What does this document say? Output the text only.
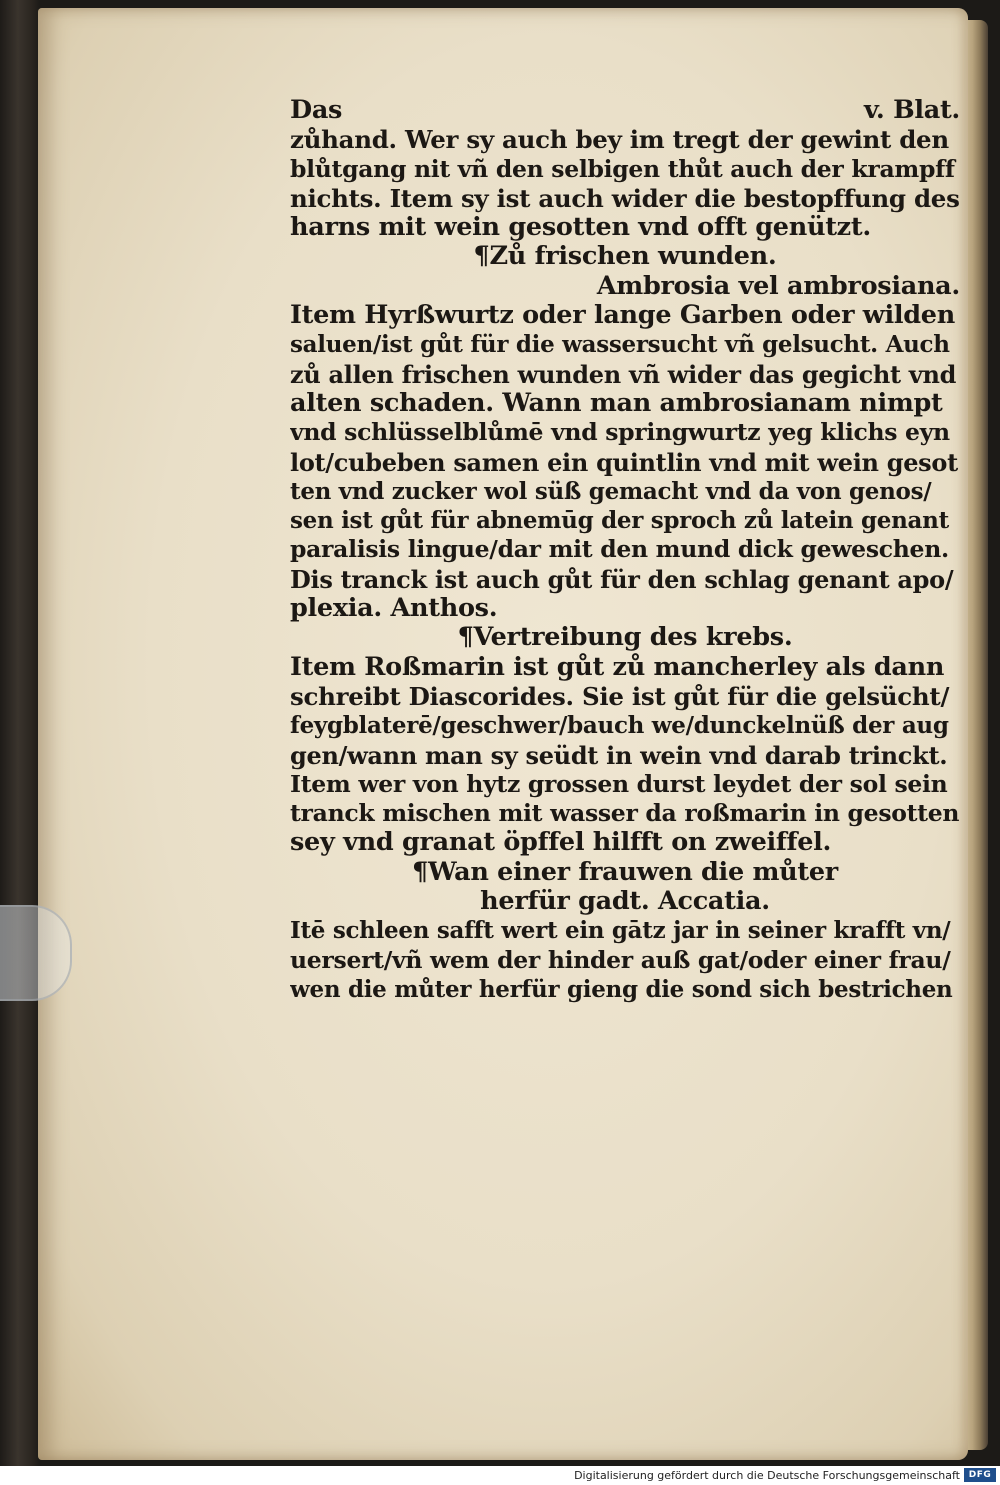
Das	v. Blat.
zůhand. Wer sy auch bey im tregt der gewint den
blůtgang nit vñ den selbigen thůt auch der krampff
nichts. Item sy ist auch wider die bestopffung des
harns mit wein gesotten vnd offt genützt.
¶Zů frischen wunden.
Ambrosia vel ambrosiana.
Item Hyrßwurtz oder lange Garben oder wilden
saluen/ist gůt für die wassersucht vñ gelsucht. Auch
zů allen frischen wunden vñ wider das gegicht vnd
alten schaden. Wann man ambrosianam nimpt
vnd schlüsselblůmē vnd springwurtz yeg klichs eyn
lot/cubeben samen ein quintlin vnd mit wein gesot
ten vnd zucker wol süß gemacht vnd da von genos/
sen ist gůt für abnemūg der sproch zů latein genant
paralisis lingue/dar mit den mund dick geweschen.
Dis tranck ist auch gůt für den schlag genant apo/
plexia. Anthos.
¶Vertreibung des krebs.
Item Roßmarin ist gůt zů mancherley als dann
schreibt Diascorides. Sie ist gůt für die gelsücht/
feygblaterē/geschwer/bauch we/dunckelnüß der aug
gen/wann man sy seüdt in wein vnd darab trinckt.
Item wer von hytz grossen durst leydet der sol sein
tranck mischen mit wasser da roßmarin in gesotten
sey vnd granat öpffel hilfft on zweiffel.
¶Wan einer frauwen die můter
herfür gadt. Accatia.
Itē schleen safft wert ein gātz jar in seiner krafft vn/
uersert/vñ wem der hinder auß gat/oder einer frau/
wen die můter herfür gieng die sond sich bestrichen
Digitalisierung gefördert durch die Deutsche Forschungsgemeinschaft DFG
